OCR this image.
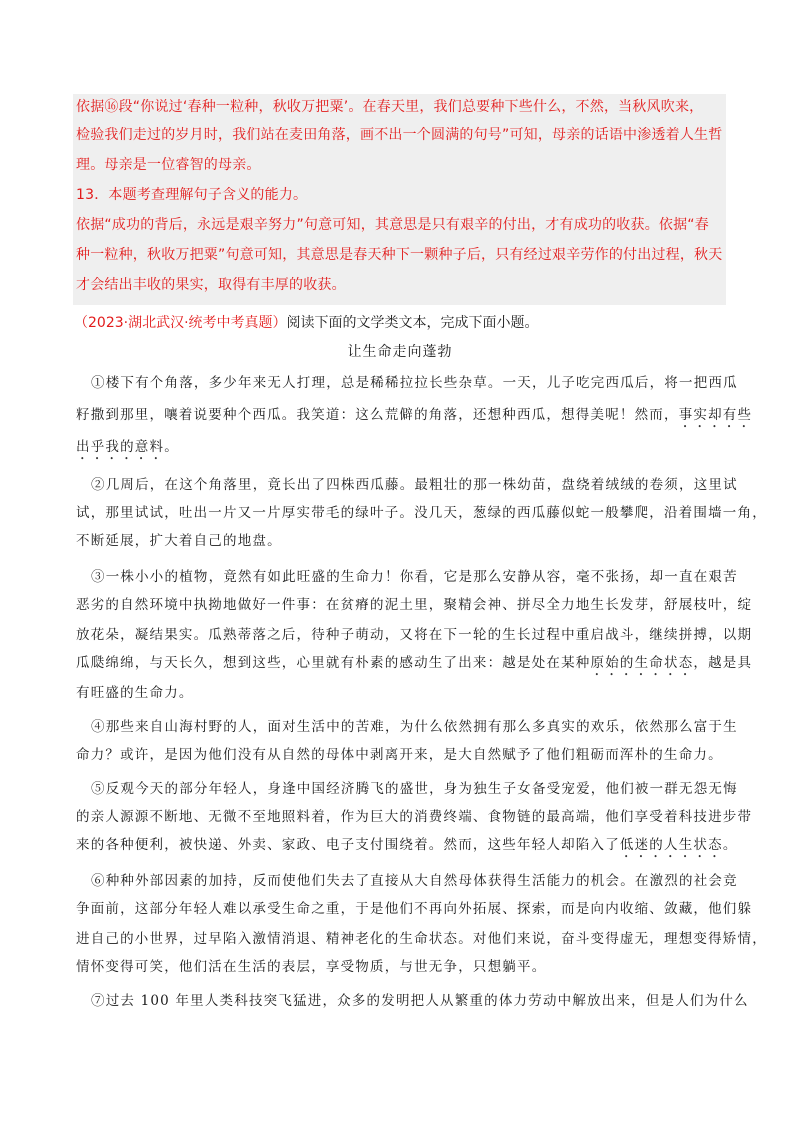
依据⑯段“你说过‘春种一粒种，秋收万把粟’。在春天里，我们总要种下些什么，不然，当秋风吹来，
检验我们走过的岁月时，我们站在麦田角落，画不出一个圆满的句号”可知，母亲的话语中渗透着人生哲
理。母亲是一位睿智的母亲。
13．本题考查理解句子含义的能力。
依据“成功的背后，永远是艰辛努力”句意可知，其意思是只有艰辛的付出，才有成功的收获。依据“春
种一粒种，秋收万把粟”句意可知，其意思是春天种下一颗种子后，只有经过艰辛劳作的付出过程，秋天
才会结出丰收的果实，取得有丰厚的收获。
（2023·湖北武汉·统考中考真题）阅读下面的文学类文本，完成下面小题。
让生命走向蓬勃
①楼下有个角落，多少年来无人打理，总是稀稀拉拉长些杂草。一天，儿子吃完西瓜后，将一把西瓜
籽撒到那里，嚷着说要种个西瓜。我笑道：这么荒僻的角落，还想种西瓜，想得美呢！然而，事实却有些
出乎我的意料。
②几周后，在这个角落里，竟长出了四株西瓜藤。最粗壮的那一株幼苗，盘绕着绒绒的卷须，这里试
试，那里试试，吐出一片又一片厚实带毛的绿叶子。没几天，葱绿的西瓜藤似蛇一般攀爬，沿着围墙一角，
不断延展，扩大着自己的地盘。
③一株小小的植物，竟然有如此旺盛的生命力！你看，它是那么安静从容，毫不张扬，却一直在艰苦
恶劣的自然环境中执拗地做好一件事：在贫瘠的泥土里，聚精会神、拼尽全力地生长发芽，舒展枝叶，绽
放花朵，凝结果实。瓜熟蒂落之后，待种子萌动，又将在下一轮的生长过程中重启战斗，继续拼搏，以期
瓜瓞绵绵，与天长久，想到这些，心里就有朴素的感动生了出来：越是处在某种原始的生命状态，越是具
有旺盛的生命力。
④那些来自山海村野的人，面对生活中的苦难，为什么依然拥有那么多真实的欢乐，依然那么富于生
命力？或许，是因为他们没有从自然的母体中剥离开来，是大自然赋予了他们粗砺而浑朴的生命力。
⑤反观今天的部分年轻人，身逢中国经济腾飞的盛世，身为独生子女备受宠爱，他们被一群无怨无悔
的亲人源源不断地、无微不至地照料着，作为巨大的消费终端、食物链的最高端，他们享受着科技进步带
来的各种便利，被快递、外卖、家政、电子支付围绕着。然而，这些年轻人却陷入了低迷的人生状态。
⑥种种外部因素的加持，反而使他们失去了直接从大自然母体获得生活能力的机会。在激烈的社会竞
争面前，这部分年轻人难以承受生命之重，于是他们不再向外拓展、探索，而是向内收缩、敛藏，他们躲
进自己的小世界，过早陷入激情消退、精神老化的生命状态。对他们来说，奋斗变得虚无，理想变得矫情，
情怀变得可笑，他们活在生活的表层，享受物质，与世无争，只想躺平。
⑦过去 100 年里人类科技突飞猛进，众多的发明把人从繁重的体力劳动中解放出来，但是人们为什么
